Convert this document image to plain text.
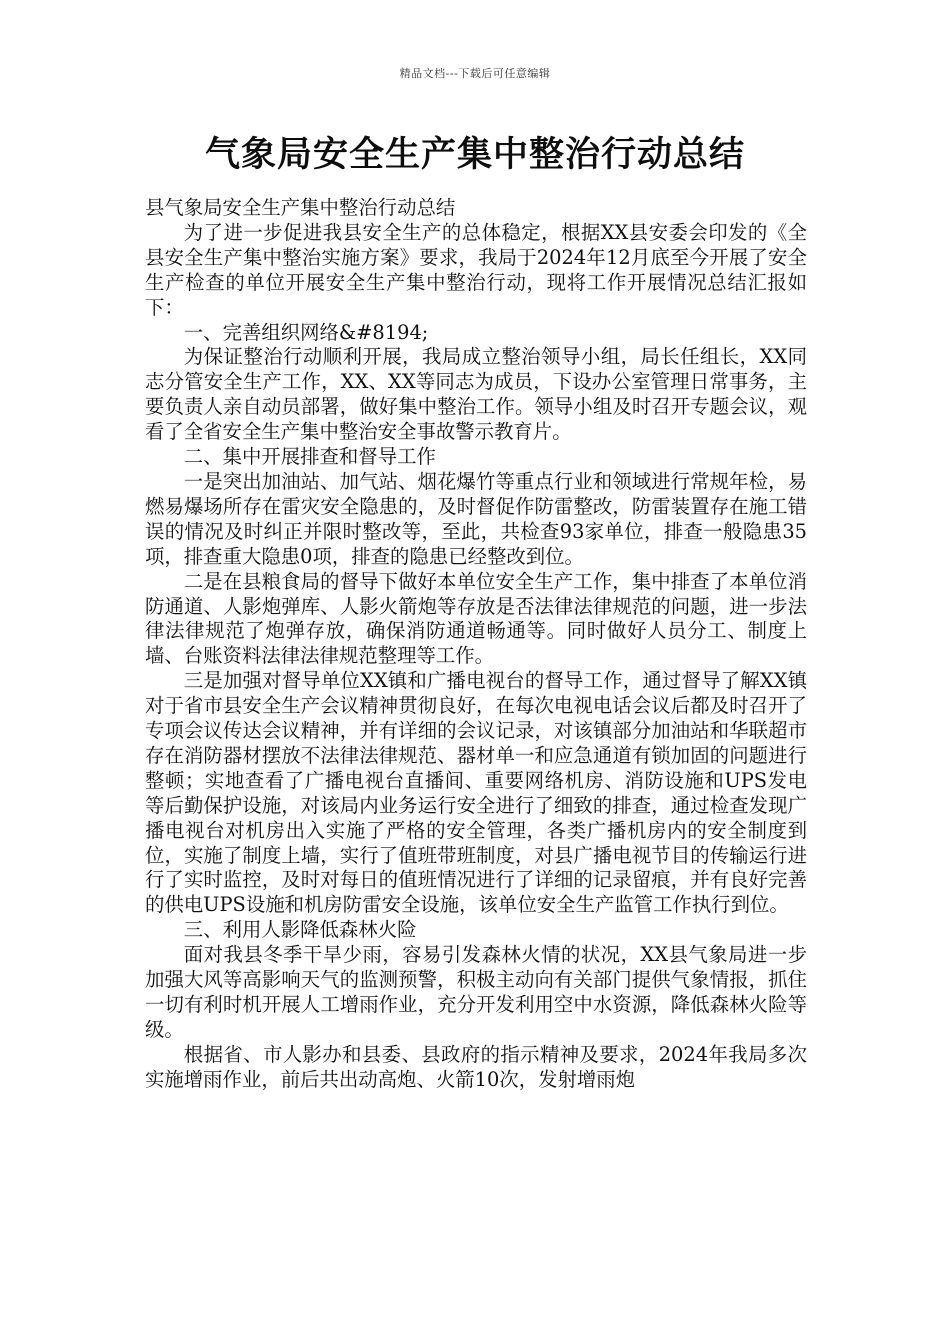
精品文档---下载后可任意编辑
气象局安全生产集中整治行动总结

县气象局安全生产集中整治行动总结

为了进一步促进我县安全生产的总体稳定，根据XX县安委会印发的《全县安全生产集中整治实施方案》要求，我局于2024年12月底至今开展了安全生产检查的单位开展安全生产集中整治行动，现将工作开展情况总结汇报如下：

一、完善组织网络&#8194;

为保证整治行动顺利开展，我局成立整治领导小组，局长任组长，XX同志分管安全生产工作，XX、XX等同志为成员，下设办公室管理日常事务，主要负责人亲自动员部署，做好集中整治工作。领导小组及时召开专题会议，观看了全省安全生产集中整治安全事故警示教育片。

二、集中开展排查和督导工作

一是突出加油站、加气站、烟花爆竹等重点行业和领域进行常规年检，易燃易爆场所存在雷灾安全隐患的，及时督促作防雷整改，防雷装置存在施工错误的情况及时纠正并限时整改等，至此，共检查93家单位，排查一般隐患35项，排查重大隐患0项，排查的隐患已经整改到位。

二是在县粮食局的督导下做好本单位安全生产工作，集中排查了本单位消防通道、人影炮弹库、人影火箭炮等存放是否法律法律规范的问题，进一步法律法律规范了炮弹存放，确保消防通道畅通等。同时做好人员分工、制度上墙、台账资料法律法律规范整理等工作。

三是加强对督导单位XX镇和广播电视台的督导工作，通过督导了解XX镇对于省市县安全生产会议精神贯彻良好，在每次电视电话会议后都及时召开了专项会议传达会议精神，并有详细的会议记录，对该镇部分加油站和华联超市存在消防器材摆放不法律法律规范、器材单一和应急通道有锁加固的问题进行整顿；实地查看了广播电视台直播间、重要网络机房、消防设施和UPS发电等后勤保护设施，对该局内业务运行安全进行了细致的排查，通过检查发现广播电视台对机房出入实施了严格的安全管理，各类广播机房内的安全制度到位，实施了制度上墙，实行了值班带班制度，对县广播电视节目的传输运行进行了实时监控，及时对每日的值班情况进行了详细的记录留痕，并有良好完善的供电UPS设施和机房防雷安全设施，该单位安全生产监管工作执行到位。

三、利用人影降低森林火险

面对我县冬季干旱少雨，容易引发森林火情的状况，XX县气象局进一步加强大风等高影响天气的监测预警，积极主动向有关部门提供气象情报，抓住一切有利时机开展人工增雨作业，充分开发利用空中水资源，降低森林火险等级。

根据省、市人影办和县委、县政府的指示精神及要求，2024年我局多次实施增雨作业，前后共出动高炮、火箭10次，发射增雨炮
